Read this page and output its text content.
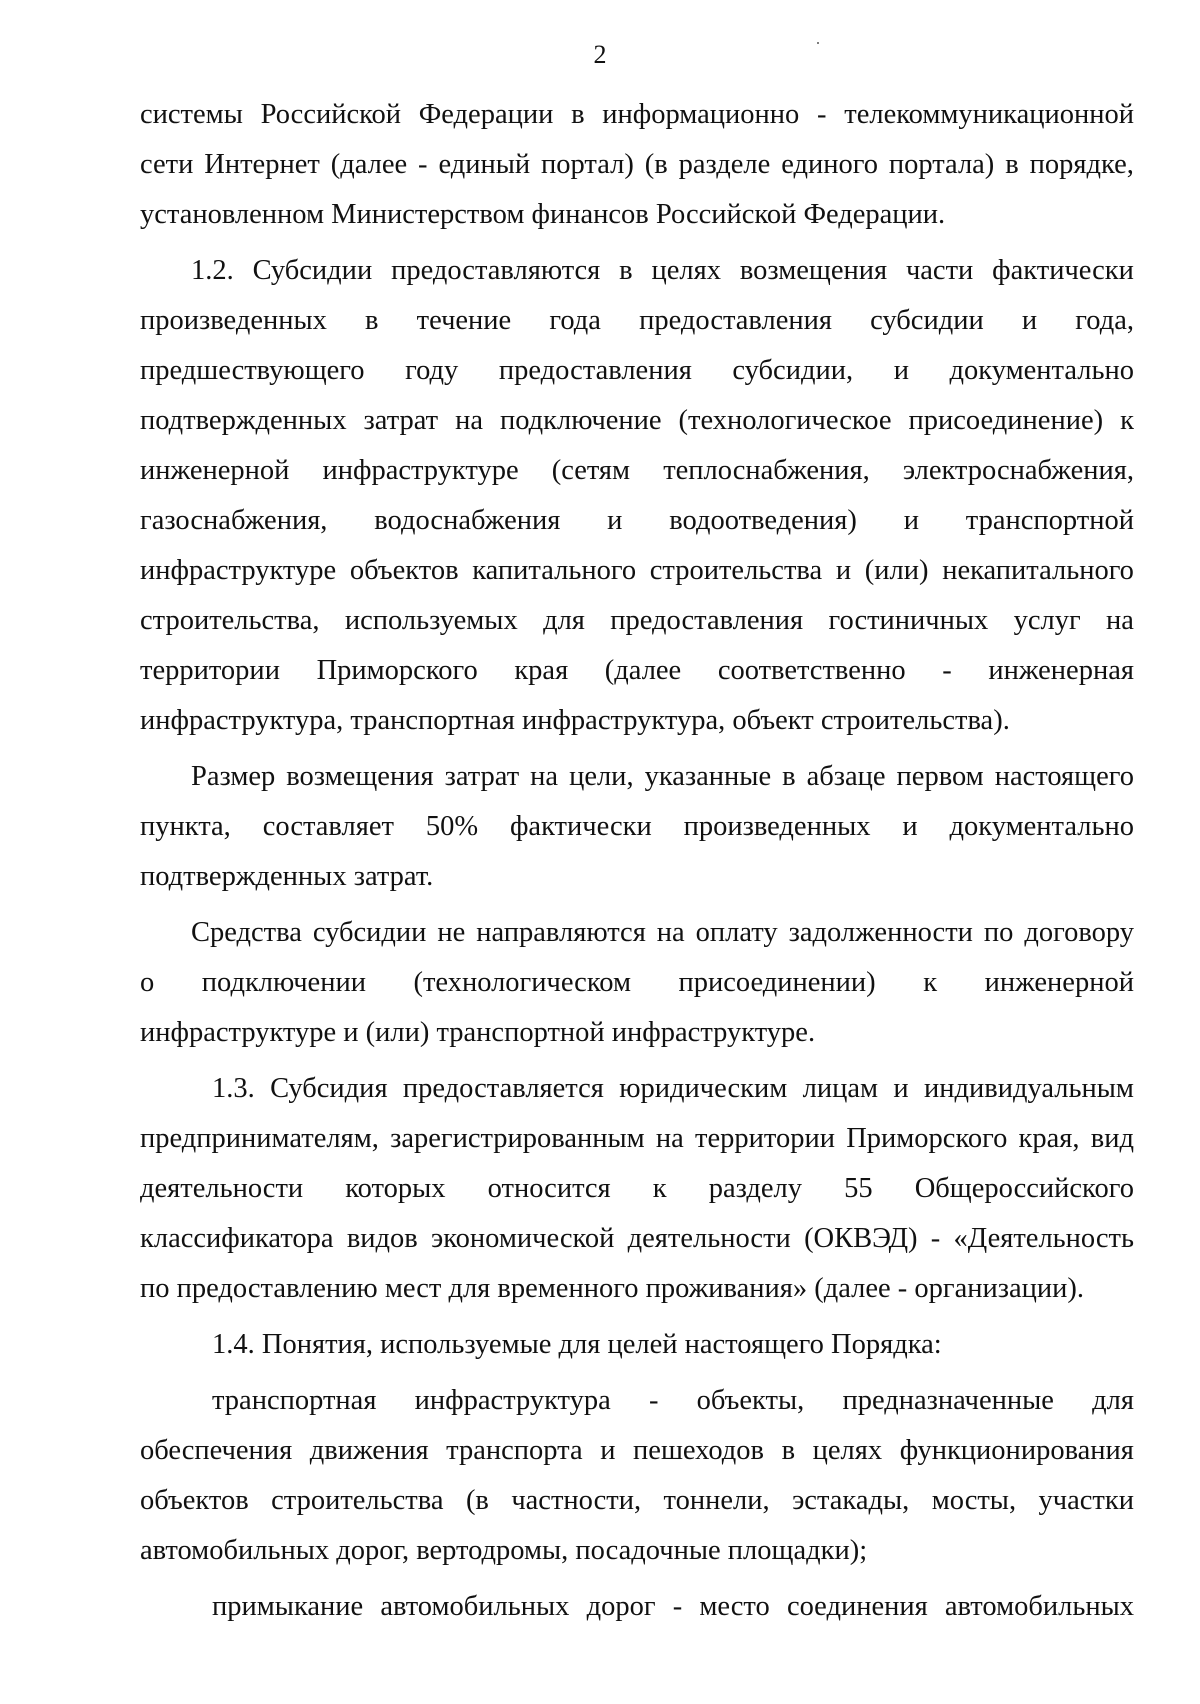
2
системы Российской Федерации в информационно - телекоммуникационной
сети Интернет (далее - единый портал) (в разделе единого портала) в порядке,
установленном Министерством финансов Российской Федерации.
1.2. Субсидии предоставляются в целях возмещения части фактически
произведенных в течение года предоставления субсидии и года,
предшествующего году предоставления субсидии, и документально
подтвержденных затрат на подключение (технологическое присоединение) к
инженерной инфраструктуре (сетям теплоснабжения, электроснабжения,
газоснабжения, водоснабжения и водоотведения) и транспортной
инфраструктуре объектов капитального строительства и (или) некапитального
строительства, используемых для предоставления гостиничных услуг на
территории Приморского края (далее соответственно - инженерная
инфраструктура, транспортная инфраструктура, объект строительства).
Размер возмещения затрат на цели, указанные в абзаце первом настоящего
пункта, составляет 50% фактически произведенных и документально
подтвержденных затрат.
Средства субсидии не направляются на оплату задолженности по договору
о подключении (технологическом присоединении) к инженерной
инфраструктуре и (или) транспортной инфраструктуре.
1.3. Субсидия предоставляется юридическим лицам и индивидуальным
предпринимателям, зарегистрированным на территории Приморского края, вид
деятельности которых относится к разделу 55 Общероссийского
классификатора видов экономической деятельности (ОКВЭД) - «Деятельность
по предоставлению мест для временного проживания» (далее - организации).
1.4. Понятия, используемые для целей настоящего Порядка:
транспортная инфраструктура - объекты, предназначенные для
обеспечения движения транспорта и пешеходов в целях функционирования
объектов строительства (в частности, тоннели, эстакады, мосты, участки
автомобильных дорог, вертодромы, посадочные площадки);
примыкание автомобильных дорог - место соединения автомобильных
